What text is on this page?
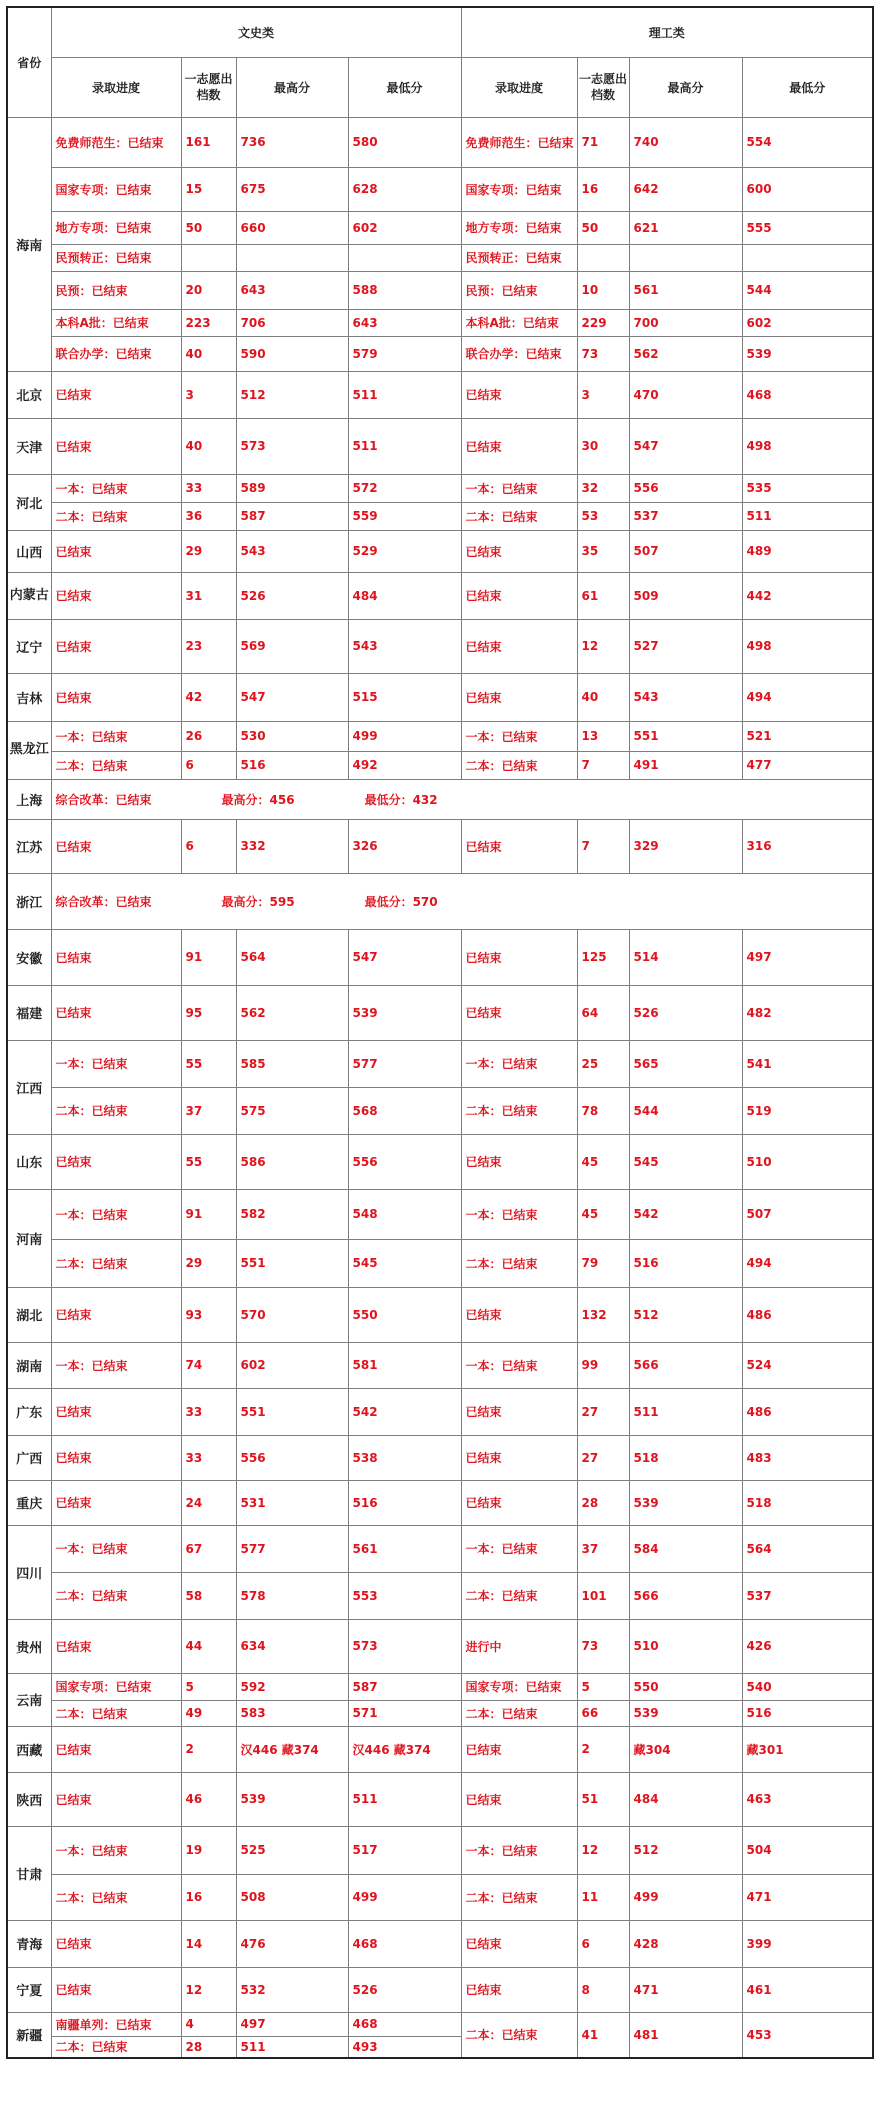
省份	文史类				理工类			
	录取进度	一志愿出档数	最高分	最低分	录取进度	一志愿出档数	最高分	最低分
海南	免费师范生：已结束	161	736	580	免费师范生：已结束	71	740	554
	国家专项：已结束	15	675	628	国家专项：已结束	16	642	600
	地方专项：已结束	50	660	602	地方专项：已结束	50	621	555
	民预转正：已结束				民预转正：已结束			
	民预：已结束	20	643	588	民预：已结束	10	561	544
	本科A批：已结束	223	706	643	本科A批：已结束	229	700	602
	联合办学：已结束	40	590	579	联合办学：已结束	73	562	539
北京	已结束	3	512	511	已结束	3	470	468
天津	已结束	40	573	511	已结束	30	547	498
河北	一本：已结束	33	589	572	一本：已结束	32	556	535
	二本：已结束	36	587	559	二本：已结束	53	537	511
山西	已结束	29	543	529	已结束	35	507	489
内蒙古	已结束	31	526	484	已结束	61	509	442
辽宁	已结束	23	569	543	已结束	12	527	498
吉林	已结束	42	547	515	已结束	40	543	494
黑龙江	一本：已结束	26	530	499	一本：已结束	13	551	521
	二本：已结束	6	516	492	二本：已结束	7	491	477
上海	综合改革：已结束 最高分：456 最低分：432							
江苏	已结束	6	332	326	已结束	7	329	316
浙江	综合改革：已结束 最高分：595 最低分：570							
安徽	已结束	91	564	547	已结束	125	514	497
福建	已结束	95	562	539	已结束	64	526	482
江西	一本：已结束	55	585	577	一本：已结束	25	565	541
	二本：已结束	37	575	568	二本：已结束	78	544	519
山东	已结束	55	586	556	已结束	45	545	510
河南	一本：已结束	91	582	548	一本：已结束	45	542	507
	二本：已结束	29	551	545	二本：已结束	79	516	494
湖北	已结束	93	570	550	已结束	132	512	486
湖南	一本：已结束	74	602	581	一本：已结束	99	566	524
广东	已结束	33	551	542	已结束	27	511	486
广西	已结束	33	556	538	已结束	27	518	483
重庆	已结束	24	531	516	已结束	28	539	518
四川	一本：已结束	67	577	561	一本：已结束	37	584	564
	二本：已结束	58	578	553	二本：已结束	101	566	537
贵州	已结束	44	634	573	进行中	73	510	426
云南	国家专项：已结束	5	592	587	国家专项：已结束	5	550	540
	二本：已结束	49	583	571	二本：已结束	66	539	516
西藏	已结束	2	汉446 藏374	汉446 藏374	已结束	2	藏304	藏301
陕西	已结束	46	539	511	已结束	51	484	463
甘肃	一本：已结束	19	525	517	一本：已结束	12	512	504
	二本：已结束	16	508	499	二本：已结束	11	499	471
青海	已结束	14	476	468	已结束	6	428	399
宁夏	已结束	12	532	526	已结束	8	471	461
新疆	南疆单列：已结束	4	497	468	二本：已结束	41	481	453
	二本：已结束	28	511	493				
